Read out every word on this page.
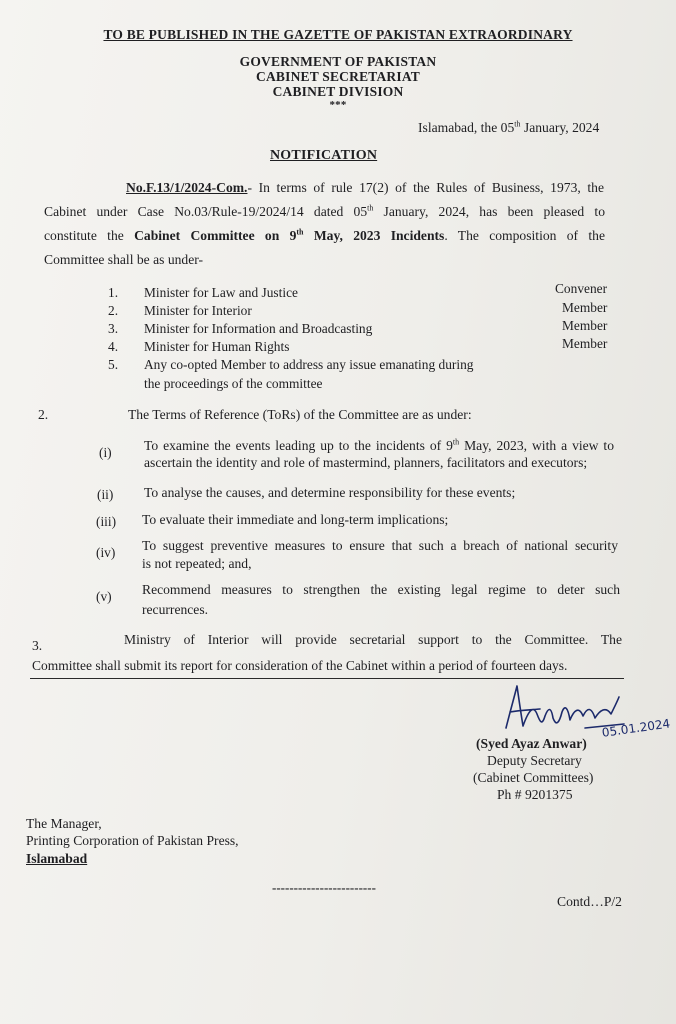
TO BE PUBLISHED IN THE GAZETTE OF PAKISTAN EXTRAORDINARY
GOVERNMENT OF PAKISTAN
CABINET SECRETARIAT
CABINET DIVISION
***
Islamabad, the 05th January, 2024
NOTIFICATION
No.F.13/1/2024-Com.- In terms of rule 17(2) of the Rules of Business, 1973, the
Cabinet under Case No.03/Rule-19/2024/14 dated 05th January, 2024, has been pleased to
constitute the Cabinet Committee on 9th May, 2023 Incidents. The composition of the
Committee shall be as under-
1. Minister for Law and Justice	Convener
2. Minister for Interior	Member
3. Minister for Information and Broadcasting	Member
4. Minister for Human Rights	Member
5. Any co-opted Member to address any issue emanating during
the proceedings of the committee
2.	The Terms of Reference (ToRs) of the Committee are as under:
(i) To examine the events leading up to the incidents of 9th May, 2023, with a view to
ascertain the identity and role of mastermind, planners, facilitators and executors;
(ii) To analyse the causes, and determine responsibility for these events;
(iii) To evaluate their immediate and long-term implications;
(iv) To suggest preventive measures to ensure that such a breach of national security
is not repeated; and,
(v) Recommend measures to strengthen the existing legal regime to deter such
recurrences.
3.	Ministry of Interior will provide secretarial support to the Committee. The
Committee shall submit its report for consideration of the Cabinet within a period of fourteen days.
05.01.2024
(Syed Ayaz Anwar)
Deputy Secretary
(Cabinet Committees)
Ph # 9201375
The Manager,
Printing Corporation of Pakistan Press,
Islamabad
------------------------
Contd…P/2
